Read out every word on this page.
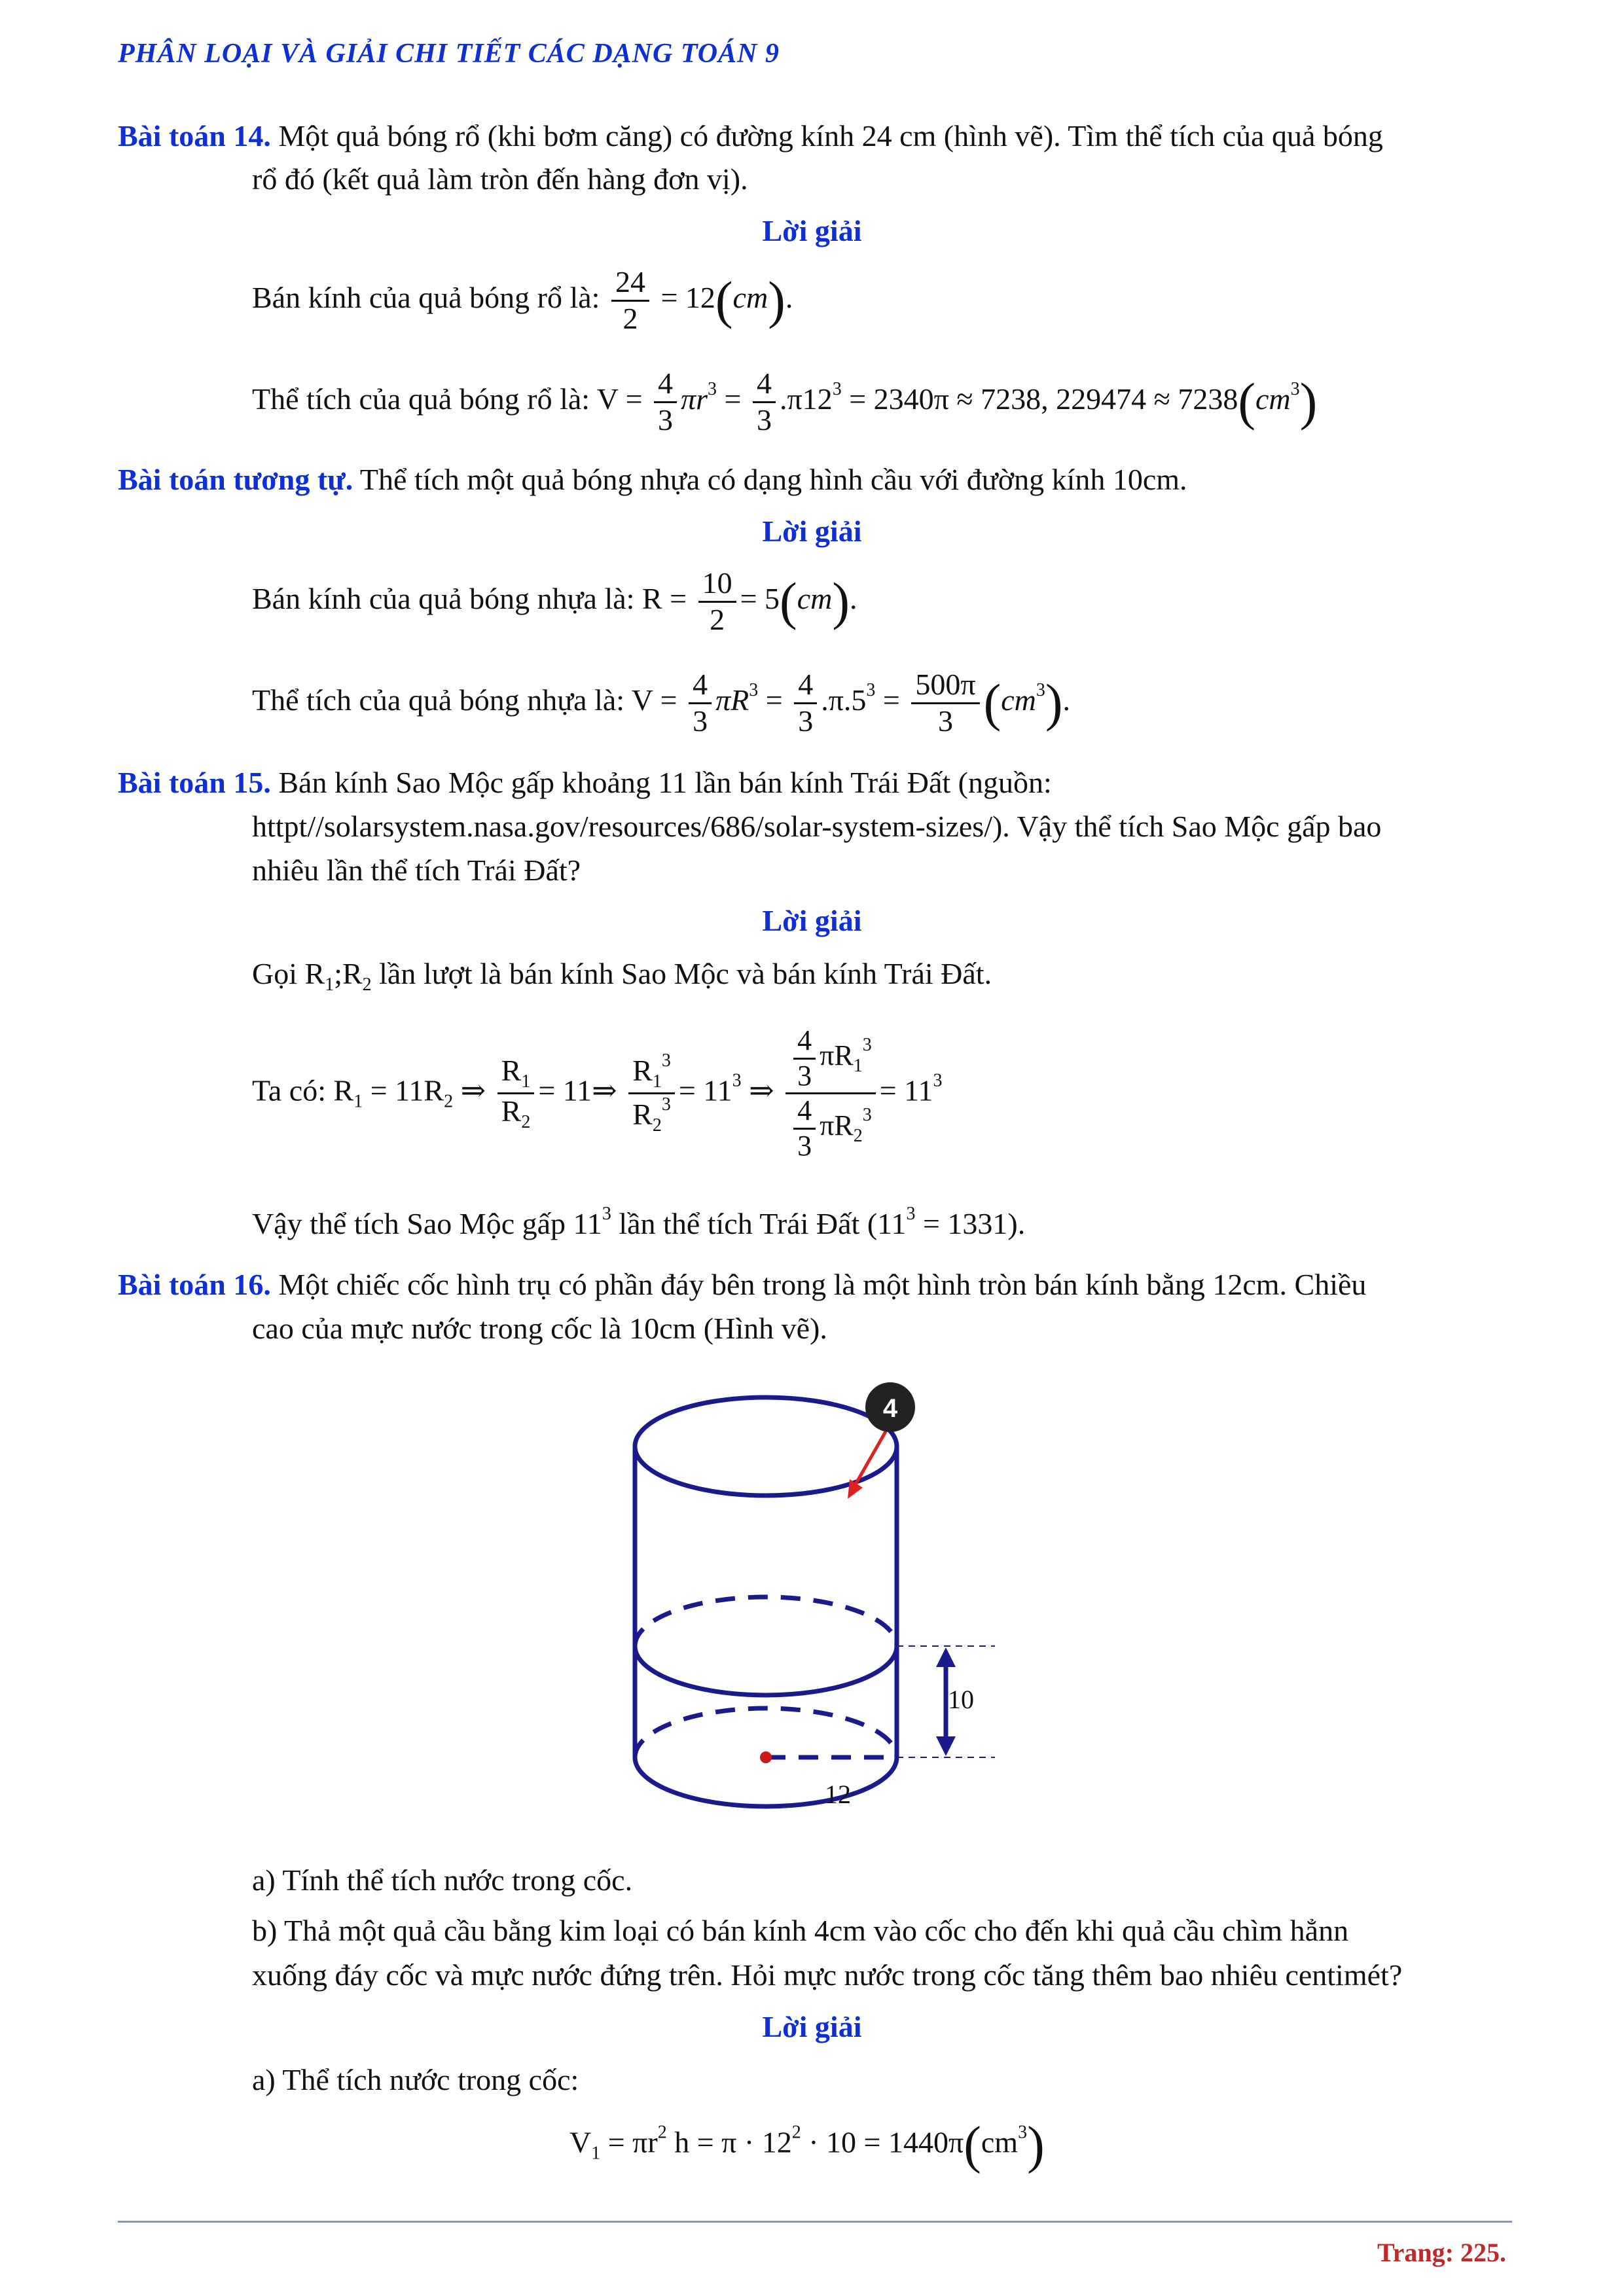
PHÂN LOẠI VÀ GIẢI CHI TIẾT CÁC DẠNG TOÁN 9
Bài toán 14. Một quả bóng rổ (khi bơm căng) có đường kính 24 cm (hình vẽ). Tìm thể tích của quả bóng
rổ đó (kết quả làm tròn đến hàng đơn vị).
Lời giải
Bán kính của quả bóng rổ là: $\frac{24}{2} = 12(cm)$.
Thể tích của quả bóng rổ là: $V = \frac{4}{3} \pi r^3 = \frac{4}{3} .\pi 12^3 = 2340\pi \approx 7238$, $229474 \approx 7238(cm^3)$
Bài toán tương tự. Thể tích một quả bóng nhựa có dạng hình cầu với đường kính 10cm.
Lời giải
Bán kính của quả bóng nhựa là: $R = \frac{10}{2} = 5(cm)$.
Thể tích của quả bóng nhựa là: $V = \frac{4}{3} \pi R^3 = \frac{4}{3} .\pi.5^3 = \frac{500\pi}{3} (cm^3)$.
Bài toán 15. Bán kính Sao Mộc gấp khoảng 11 lần bán kính Trái Đất (nguồn:
httpt//solarsystem.nasa.gov/resources/686/solar-system-sizes/). Vậy thể tích Sao Mộc gấp bao
nhiêu lần thể tích Trái Đất?
Lời giải
Gọi $R_1;R_2$ lần lượt là bán kính Sao Mộc và bán kính Trái Đất.
Ta có: $R_1 = 11R_2$ ⇒ $\frac{R_1}{R_2}$ = 11⇒ $\frac{R_1^3}{R_2^3} = 11^3$ ⇒ $\frac{\frac{4}{3} \pi R_1^3}{\frac{4}{3} \pi R_2^3} = 11^3$
Vậy thể tích Sao Mộc gấp $11^3$ lần thể tích Trái Đất $(11^3 = 1331)$.
Bài toán 16. Một chiếc cốc hình trụ có phần đáy bên trong là một hình tròn bán kính bằng 12cm. Chiều
cao của mực nước trong cốc là 10cm (Hình vẽ).
4
10
12
a) Tính thể tích nước trong cốc.
b) Thả một quả cầu bằng kim loại có bán kính 4cm vào cốc cho đến khi quả cầu chìm hẳnn
xuống đáy cốc và mực nước đứng trên. Hỏi mực nước trong cốc tăng thêm bao nhiêu centimét?
Lời giải
a) Thể tích nước trong cốc:
$V_1 = \pi r^2$ $h = \pi \cdot 12^2 \cdot 10 = 1440\pi(cm^3)$
Trang: 225.
